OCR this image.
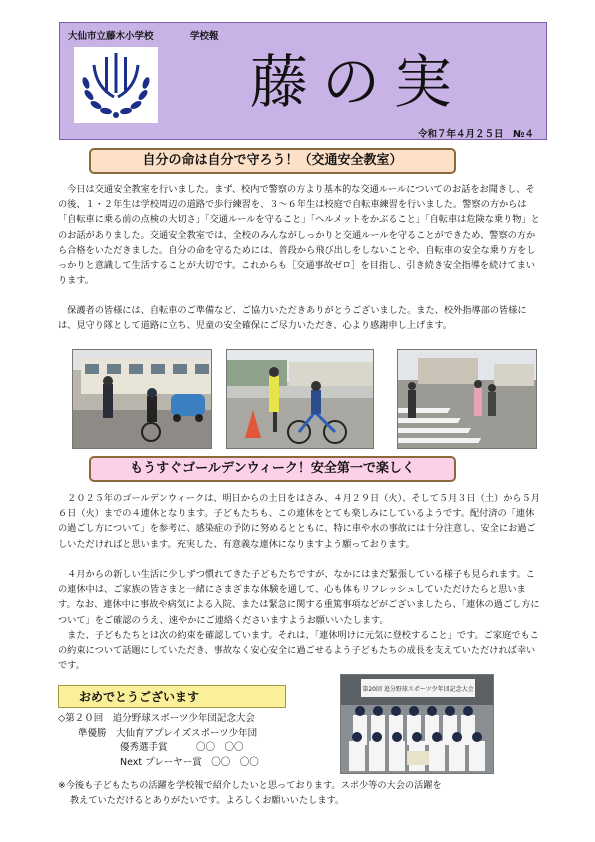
大仙市立藤木小学校	学校報
藤の実
令和７年４月２５日　№４
自分の命は自分で守ろう！（交通安全教室）

　今日は交通安全教室を行いました。まず、校内で警察の方より基本的な交通ルールについてのお話をお聞きし、その後、１・２年生は学校周辺の道路で歩行練習を、３～６年生は校庭で自転車練習を行いました。警察の方からは「自転車に乗る前の点検の大切さ」「交通ルールを守ること」「ヘルメットをかぶること」「自転車は危険な乗り物」とのお話がありました。交通安全教室では、全校のみんながしっかりと交通ルールを守ることができため、警察の方から合格をいただきました。自分の命を守るためには、普段から飛び出しをしないことや、自転車の安全な乗り方をしっかりと意識して生活することが大切です。これからも［交通事故ゼロ］を目指し、引き続き安全指導を続けてまいります。

　保護者の皆様には、自転車のご準備など、ご協力いただきありがとうございました。また、校外指導部の皆様には、見守り隊として道路に立ち、児童の安全確保にご尽力いただき、心より感謝申し上げます。

もうすぐゴールデンウィーク！安全第一で楽しく

　２０２５年のゴールデンウィークは、明日からの土日をはさみ、４月２９日（火）、そして５月３日（土）から５月６日（火）までの４連休となります。子どもたちも、この連休をとても楽しみにしているようです。配付済の「連休の過ごし方について」を参考に、感染症の予防に努めるとともに、特に車や水の事故には十分注意し、安全にお過ごしいただければと思います。充実した、有意義な連休になりますよう願っております。

　４月からの新しい生活に少しずつ慣れてきた子どもたちですが、なかにはまだ緊張している様子も見られます。この連休中は、ご家族の皆さまと一緒にさまざまな体験を通して、心も体もリフレッシュしていただけたらと思います。なお、連休中に事故や病気による入院、または緊急に関する重篤事項などがございましたら、「連休の過ごし方について」をご確認のうえ、速やかにご連絡くださいますようお願いいたします。

　また、子どもたちとは次の約束を確認しています。それは、「連休明けに元気に登校すること」です。ご家庭でもこの約束について話題にしていただき、事故なく安心安全に過ごせるよう子どもたちの成長を支えていただければ幸いです。

おめでとうございます
◇第２０回　追分野球スポーツ少年団記念大会
準優勝　大仙育アプレイズスポーツ少年団
優秀選手賞　　　〇〇　〇〇
Next プレーヤー賞　〇〇　〇〇
第20回 追分野球スポーツ少年団記念大会
※今後も子どもたちの活躍を学校報で紹介したいと思っております。スポ少等の大会の活躍を
教えていただけるとありがたいです。よろしくお願いいたします。
